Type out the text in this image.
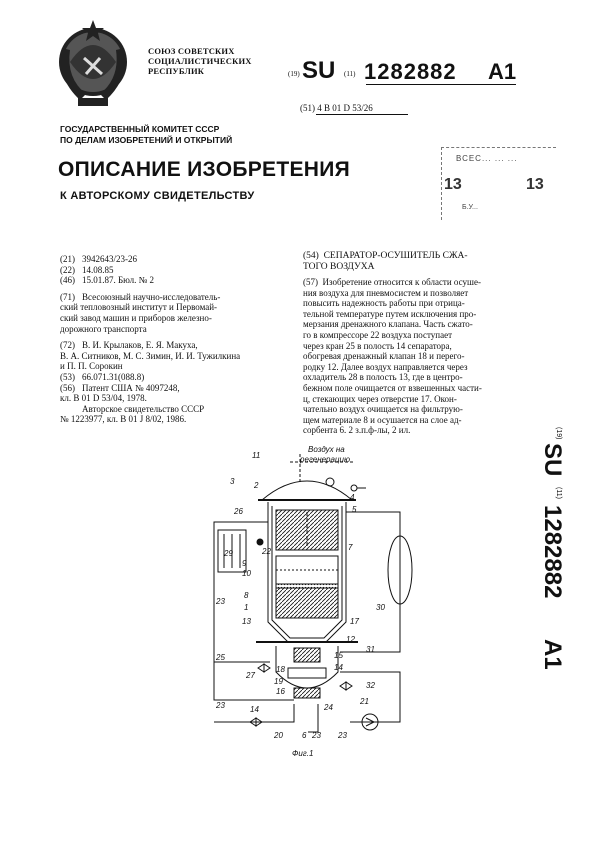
СОЮЗ СОВЕТСКИХ
СОЦИАЛИСТИЧЕСКИХ
РЕСПУБЛИК	(19) SU (11) 1282882 A1
(51) 4 В 01 D 53/26
ГОСУДАРСТВЕННЫЙ КОМИТЕТ СССР
ПО ДЕЛАМ ИЗОБРЕТЕНИЙ И ОТКРЫТИЙ
ВСЕС... ... ...
13	13
Б.У...
ОПИСАНИЕ ИЗОБРЕТЕНИЯ
К АВТОРСКОМУ СВИДЕТЕЛЬСТВУ
(21) 3942643/23-26
(22) 14.08.85
(46) 15.01.87. Бюл. № 2
(71) Всесоюзный научно-исследователь-
ский тепловозный институт и Первомай-
ский завод машин и приборов железно-
дорожного транспорта
(72) В. И. Крылаков, Е. Я. Макуха,
В. А. Ситников, М. С. Зимин, И. И. Тужилкина
и П. П. Сорокин
(53) 66.071.31(088.8)
(56) Патент США № 4097248,
кл. В 01 D 53/04, 1978.
Авторское свидетельство СССР
№ 1223977, кл. В 01 J 8/02, 1986.
(54) СЕПАРАТОР-ОСУШИТЕЛЬ СЖА-
ТОГО ВОЗДУХА
(57) Изобретение относится к области осуше-
ния воздуха для пневмосистем и позволяет
повысить надежность работы при отрица-
тельной температуре путем исключения про-
мерзания дренажного клапана. Часть сжато-
го в компрессоре 22 воздуха поступает
через кран 25 в полость 14 сепаратора,
обогревая дренажный клапан 18 и перего-
родку 12. Далее воздух направляется через
охладитель 28 в полость 13, где в центро-
бежном поле очищается от взвешенных части-
ц, стекающих через отверстие 17. Окон-
чательно воздух очищается на фильтрую-
щем материале 8 и осушается на слое ад-
сорбента 6. 2 з.п.ф-лы, 2 ил.	(19)
SU
(11)
1282882
A1
Воздух на
регенерацию
3
11
2
4
5
7
26
29	22
9
10
8
1
13
30
17
23
12
25
18
19
27
16
15
14
31
32
21
24
23	14
20 6 23 23
Фиг.1
